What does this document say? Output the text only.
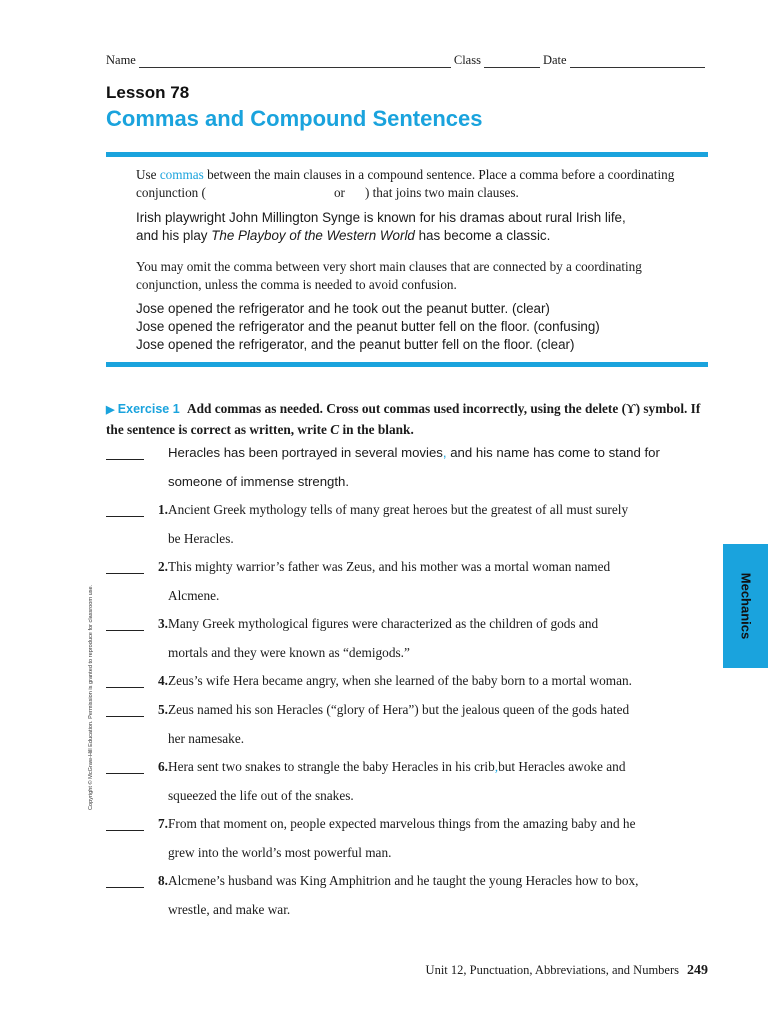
Name	Class	Date
Lesson 78
Commas and Compound Sentences
Use commas between the main clauses in a compound sentence. Place a comma before a coordinating conjunction (	or ) that joins two main clauses.
Irish playwright John Millington Synge is known for his dramas about rural Irish life,
and his play The Playboy of the Western World has become a classic.
You may omit the comma between very short main clauses that are connected by a coordinating conjunction, unless the comma is needed to avoid confusion.
Jose opened the refrigerator and he took out the peanut butter. (clear)
Jose opened the refrigerator and the peanut butter fell on the floor. (confusing)
Jose opened the refrigerator, and the peanut butter fell on the floor. (clear)
▶ Exercise 1 Add commas as needed. Cross out commas used incorrectly, using the delete (ϒ) symbol. If the sentence is correct as written, write C in the blank.
Heracles has been portrayed in several movies, and his name has come to stand for
someone of immense strength.
1. Ancient Greek mythology tells of many great heroes but the greatest of all must surely
be Heracles.
2. This mighty warrior’s father was Zeus, and his mother was a mortal woman named
Alcmene.
3. Many Greek mythological figures were characterized as the children of gods and
mortals and they were known as “demigods.”
4. Zeus’s wife Hera became angry, when she learned of the baby born to a mortal woman.
5. Zeus named his son Heracles (“glory of Hera”) but the jealous queen of the gods hated
her namesake.
6. Hera sent two snakes to strangle the baby Heracles in his crib,but Heracles awoke and
squeezed the life out of the snakes.
7. From that moment on, people expected marvelous things from the amazing baby and he
grew into the world’s most powerful man.
8. Alcmene’s husband was King Amphitrion and he taught the young Heracles how to box,
wrestle, and make war.
Mechanics
Copyright © McGraw-Hill Education. Permission is granted to reproduce for classroom use.
Unit 12, Punctuation, Abbreviations, and Numbers 249
